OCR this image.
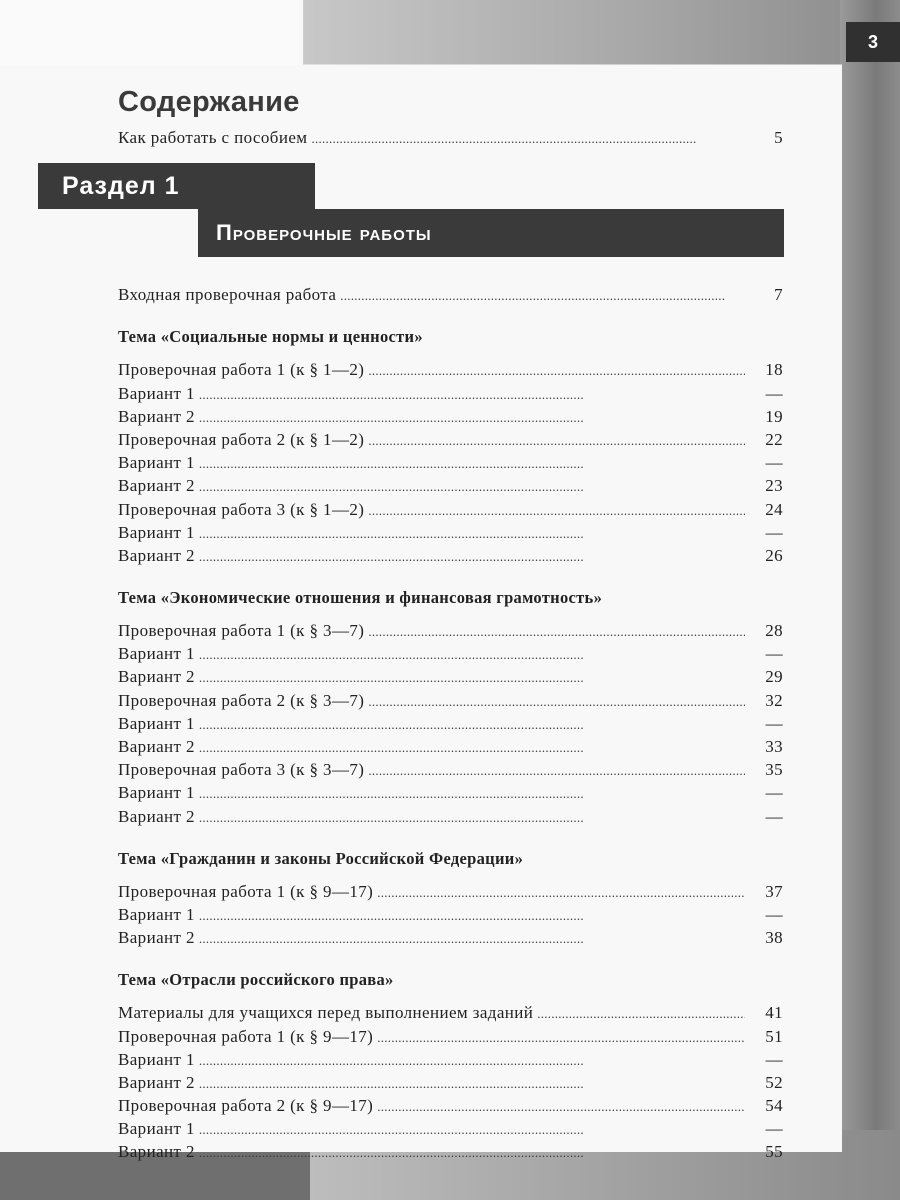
3
Содержание
Как работать с пособием . . .	5
Раздел 1
Проверочные работы
Входная проверочная работа . . .	7
Тема «Социальные нормы и ценности»
Проверочная работа 1 (к § 1—2) . . .	18
Вариант 1 . . .	—
Вариант 2 . . .	19
Проверочная работа 2 (к § 1—2) . . .	22
Вариант 1 . . .	—
Вариант 2 . . .	23
Проверочная работа 3 (к § 1—2) . . .	24
Вариант 1 . . .	—
Вариант 2 . . .	26
Тема «Экономические отношения и финансовая грамотность»
Проверочная работа 1 (к § 3—7) . . .	28
Вариант 1 . . .	—
Вариант 2 . . .	29
Проверочная работа 2 (к § 3—7) . . .	32
Вариант 1 . . .	—
Вариант 2 . . .	33
Проверочная работа 3 (к § 3—7) . . .	35
Вариант 1 . . .	—
Вариант 2 . . .	—
Тема «Гражданин и законы Российской Федерации»
Проверочная работа 1 (к § 9—17) . . .	37
Вариант 1 . . .	—
Вариант 2 . . .	38
Тема «Отрасли российского права»
Материалы для учащихся перед выполнением заданий . . .	41
Проверочная работа 1 (к § 9—17) . . .	51
Вариант 1 . . .	—
Вариант 2 . . .	52
Проверочная работа 2 (к § 9—17) . . .	54
Вариант 1 . . .	—
Вариант 2 . . .	55
